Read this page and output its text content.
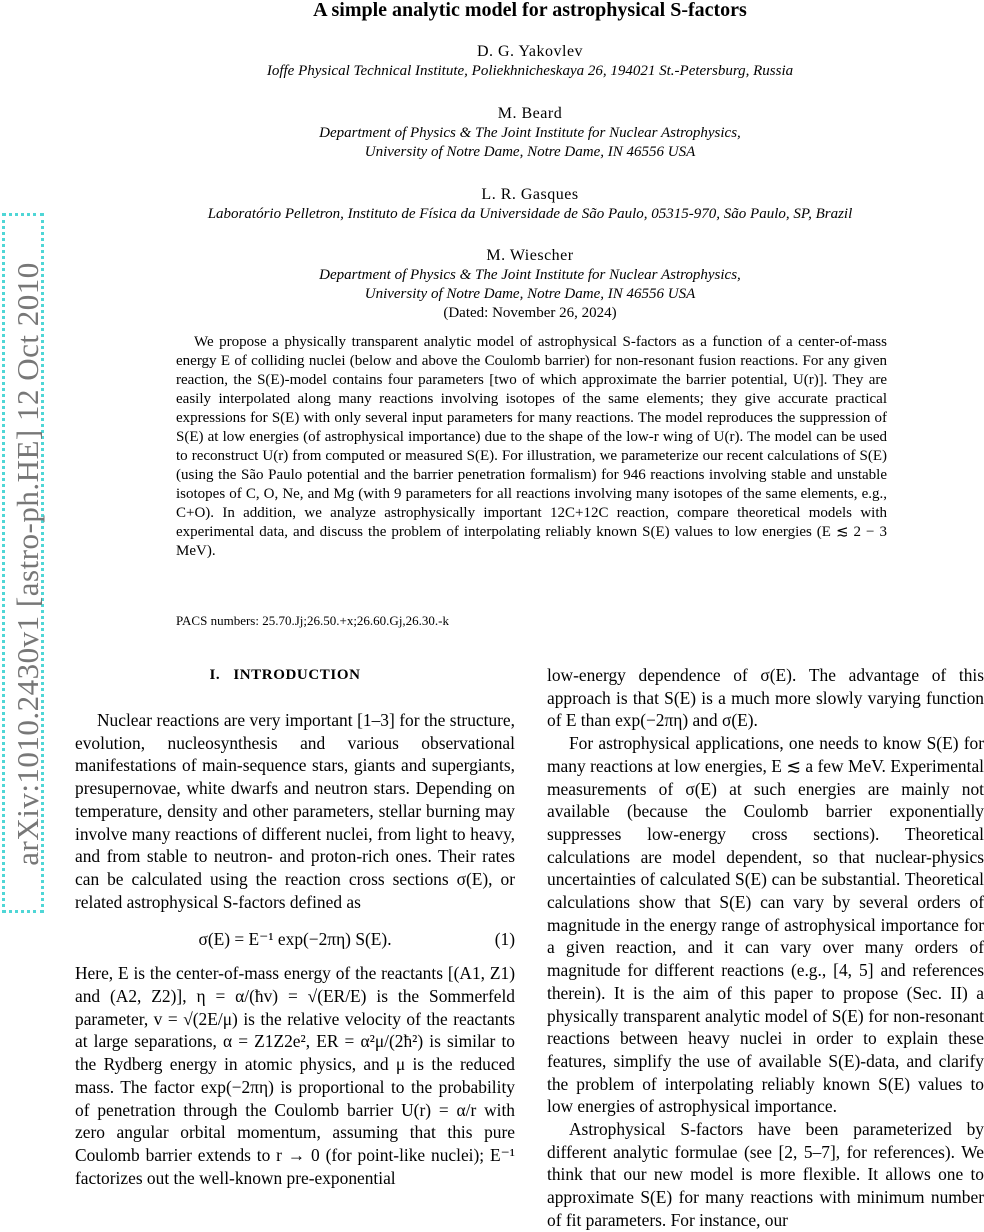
arXiv:1010.2430v1 [astro-ph.HE] 12 Oct 2010
A simple analytic model for astrophysical S-factors
D. G. Yakovlev
Ioffe Physical Technical Institute, Poliekhnicheskaya 26, 194021 St.-Petersburg, Russia
M. Beard
Department of Physics & The Joint Institute for Nuclear Astrophysics,
University of Notre Dame, Notre Dame, IN 46556 USA
L. R. Gasques
Laboratório Pelletron, Instituto de Física da Universidade de São Paulo, 05315-970, São Paulo, SP, Brazil
M. Wiescher
Department of Physics & The Joint Institute for Nuclear Astrophysics,
University of Notre Dame, Notre Dame, IN 46556 USA
(Dated: November 26, 2024)
We propose a physically transparent analytic model of astrophysical S-factors as a function of a center-of-mass energy E of colliding nuclei (below and above the Coulomb barrier) for non-resonant fusion reactions. For any given reaction, the S(E)-model contains four parameters [two of which approximate the barrier potential, U(r)]. They are easily interpolated along many reactions involving isotopes of the same elements; they give accurate practical expressions for S(E) with only several input parameters for many reactions. The model reproduces the suppression of S(E) at low energies (of astrophysical importance) due to the shape of the low-r wing of U(r). The model can be used to reconstruct U(r) from computed or measured S(E). For illustration, we parameterize our recent calculations of S(E) (using the São Paulo potential and the barrier penetration formalism) for 946 reactions involving stable and unstable isotopes of C, O, Ne, and Mg (with 9 parameters for all reactions involving many isotopes of the same elements, e.g., C+O). In addition, we analyze astrophysically important 12C+12C reaction, compare theoretical models with experimental data, and discuss the problem of interpolating reliably known S(E) values to low energies (E ≲ 2 − 3 MeV).
PACS numbers: 25.70.Jj;26.50.+x;26.60.Gj,26.30.-k
I. INTRODUCTION

Nuclear reactions are very important [1–3] for the structure, evolution, nucleosynthesis and various observational manifestations of main-sequence stars, giants and supergiants, presupernovae, white dwarfs and neutron stars. Depending on temperature, density and other parameters, stellar burning may involve many reactions of different nuclei, from light to heavy, and from stable to neutron- and proton-rich ones. Their rates can be calculated using the reaction cross sections σ(E), or related astrophysical S-factors defined as

σ(E) = E⁻¹ exp(−2πη) S(E).	(1)

Here, E is the center-of-mass energy of the reactants [(A1, Z1) and (A2, Z2)], η = α/(ħv) = √(ER/E) is the Sommerfeld parameter, v = √(2E/μ) is the relative velocity of the reactants at large separations, α = Z1Z2e², ER = α²μ/(2ħ²) is similar to the Rydberg energy in atomic physics, and μ is the reduced mass. The factor exp(−2πη) is proportional to the probability of penetration through the Coulomb barrier U(r) = α/r with zero angular orbital momentum, assuming that this pure Coulomb barrier extends to r → 0 (for point-like nuclei); E⁻¹ factorizes out the well-known pre-exponential

low-energy dependence of σ(E). The advantage of this approach is that S(E) is a much more slowly varying function of E than exp(−2πη) and σ(E).

For astrophysical applications, one needs to know S(E) for many reactions at low energies, E ≲ a few MeV. Experimental measurements of σ(E) at such energies are mainly not available (because the Coulomb barrier exponentially suppresses low-energy cross sections). Theoretical calculations are model dependent, so that nuclear-physics uncertainties of calculated S(E) can be substantial. Theoretical calculations show that S(E) can vary by several orders of magnitude in the energy range of astrophysical importance for a given reaction, and it can vary over many orders of magnitude for different reactions (e.g., [4, 5] and references therein). It is the aim of this paper to propose (Sec. II) a physically transparent analytic model of S(E) for non-resonant reactions between heavy nuclei in order to explain these features, simplify the use of available S(E)-data, and clarify the problem of interpolating reliably known S(E) values to low energies of astrophysical importance.

Astrophysical S-factors have been parameterized by different analytic formulae (see [2, 5–7], for references). We think that our new model is more flexible. It allows one to approximate S(E) for many reactions with minimum number of fit parameters. For instance, our
